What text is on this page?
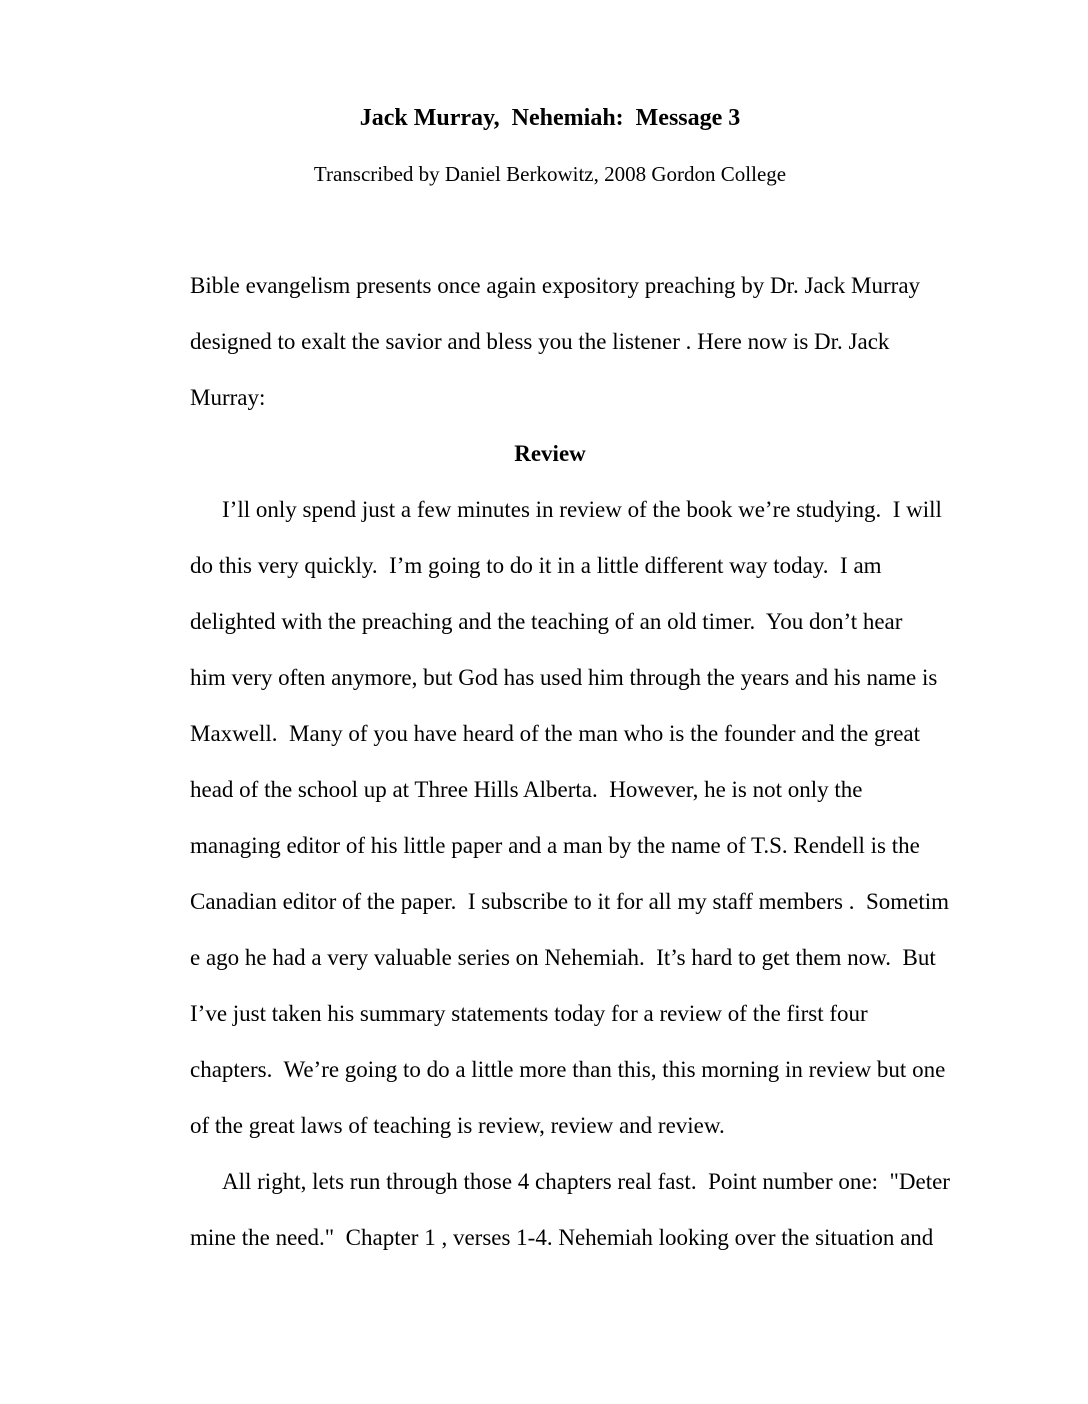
Jack Murray,  Nehemiah:  Message 3
Transcribed by Daniel Berkowitz, 2008 Gordon College
Bible evangelism presents once again expository preaching by Dr. Jack Murray
designed to exalt the savior and bless you the listener . Here now is Dr. Jack
Murray:
Review
I’ll only spend just a few minutes in review of the book we’re studying.  I will
do this very quickly.  I’m going to do it in a little different way today.  I am
delighted with the preaching and the teaching of an old timer.  You don’t hear
him very often anymore, but God has used him through the years and his name is
Maxwell.  Many of you have heard of the man who is the founder and the great
head of the school up at Three Hills Alberta.  However, he is not only the
managing editor of his little paper and a man by the name of T.S. Rendell is the
Canadian editor of the paper.  I subscribe to it for all my staff members .  Sometim
e ago he had a very valuable series on Nehemiah.  It’s hard to get them now.  But
I’ve just taken his summary statements today for a review of the first four
chapters.  We’re going to do a little more than this, this morning in review but one
of the great laws of teaching is review, review and review.
All right, lets run through those 4 chapters real fast.  Point number one:  "Deter
mine the need."  Chapter 1 , verses 1-4. Nehemiah looking over the situation and
